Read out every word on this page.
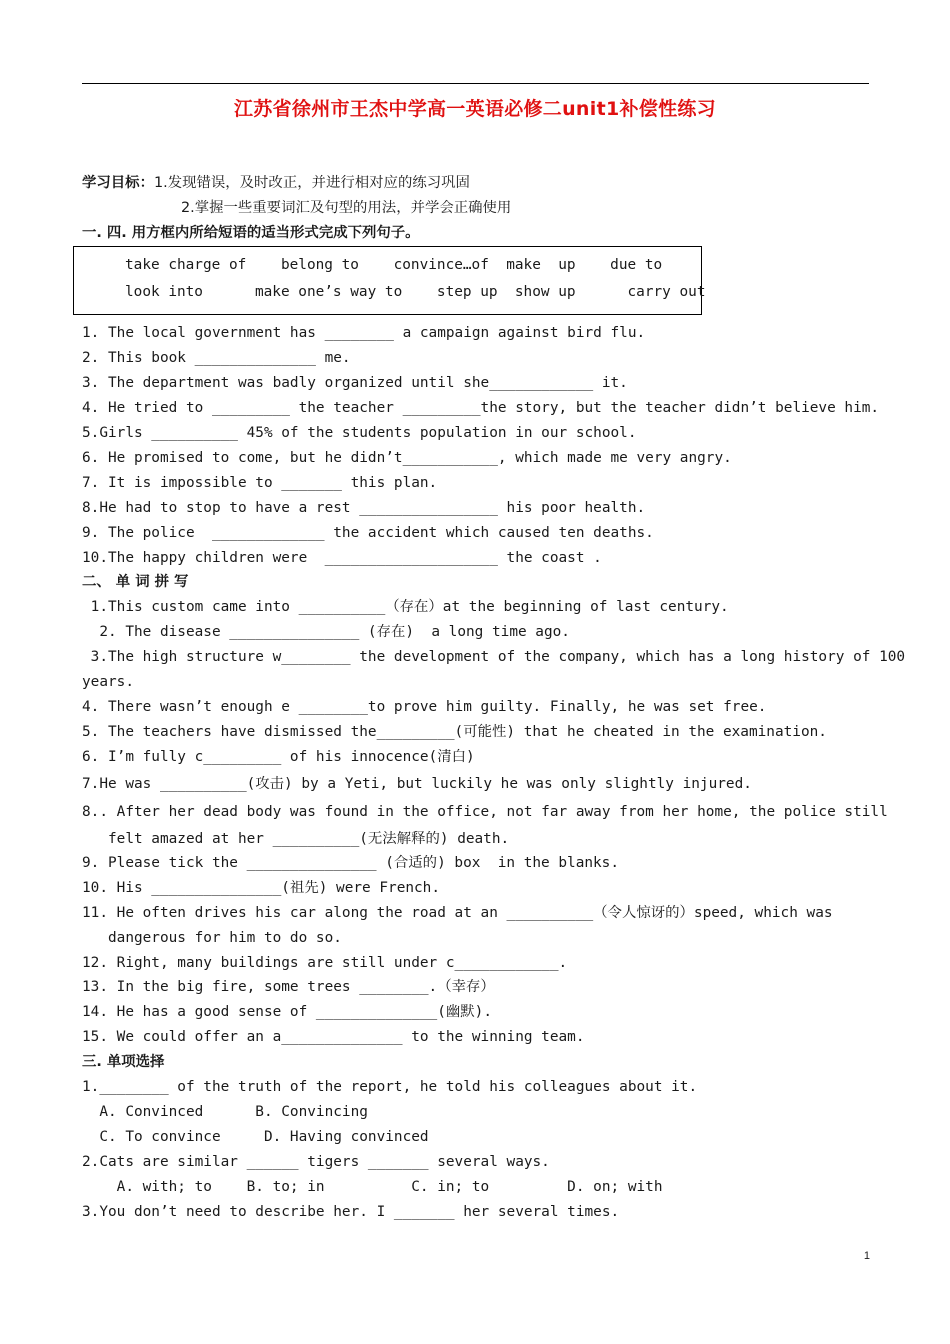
江苏省徐州市王杰中学高一英语必修二unit1补偿性练习
学习目标：1.发现错误，及时改正，并进行相对应的练习巩固
2.掌握一些重要词汇及句型的用法，并学会正确使用
一. 四. 用方框内所给短语的适当形式完成下列句子。
take charge of    belong to    convince…of  make  up    due to
look into      make one’s way to    step up  show up      carry out
1. The local government has ________ a campaign against bird flu.
2. This book ______________ me.
3. The department was badly organized until she____________ it.
4. He tried to _________ the teacher _________the story, but the teacher didn’t believe him.
5.Girls __________ 45% of the students population in our school.
6. He promised to come, but he didn’t___________, which made me very angry.
7. It is impossible to _______ this plan.
8.He had to stop to have a rest ________________ his poor health.
9. The police  _____________ the accident which caused ten deaths.
10.The happy children were  ____________________ the coast .
二、 单 词 拼 写
1.This custom came into __________（存在）at the beginning of last century.
2. The disease _______________ (存在)  a long time ago.
3.The high structure w________ the development of the company, which has a long history of 100
years.
4. There wasn’t enough e ________to prove him guilty. Finally, he was set free.
5. The teachers have dismissed the_________(可能性) that he cheated in the examination.
6. I’m fully c_________ of his innocence(清白)
7.He was __________(攻击) by a Yeti, but luckily he was only slightly injured.
8.. After her dead body was found in the office, not far away from her home, the police still
felt amazed at her __________(无法解释的) death.
9. Please tick the _______________ (合适的) box  in the blanks.
10. His _______________(祖先) were French.
11. He often drives his car along the road at an __________（令人惊讶的）speed, which was
dangerous for him to do so.
12. Right, many buildings are still under c____________.
13. In the big fire, some trees ________.（幸存）
14. He has a good sense of ______________(幽默).
15. We could offer an a______________ to the winning team.
三. 单项选择
1.________ of the truth of the report, he told his colleagues about it.
A. Convinced      B. Convincing
C. To convince     D. Having convinced
2.Cats are similar ______ tigers _______ several ways.
A. with; to    B. to; in          C. in; to         D. on; with
3.You don’t need to describe her. I _______ her several times.
1
